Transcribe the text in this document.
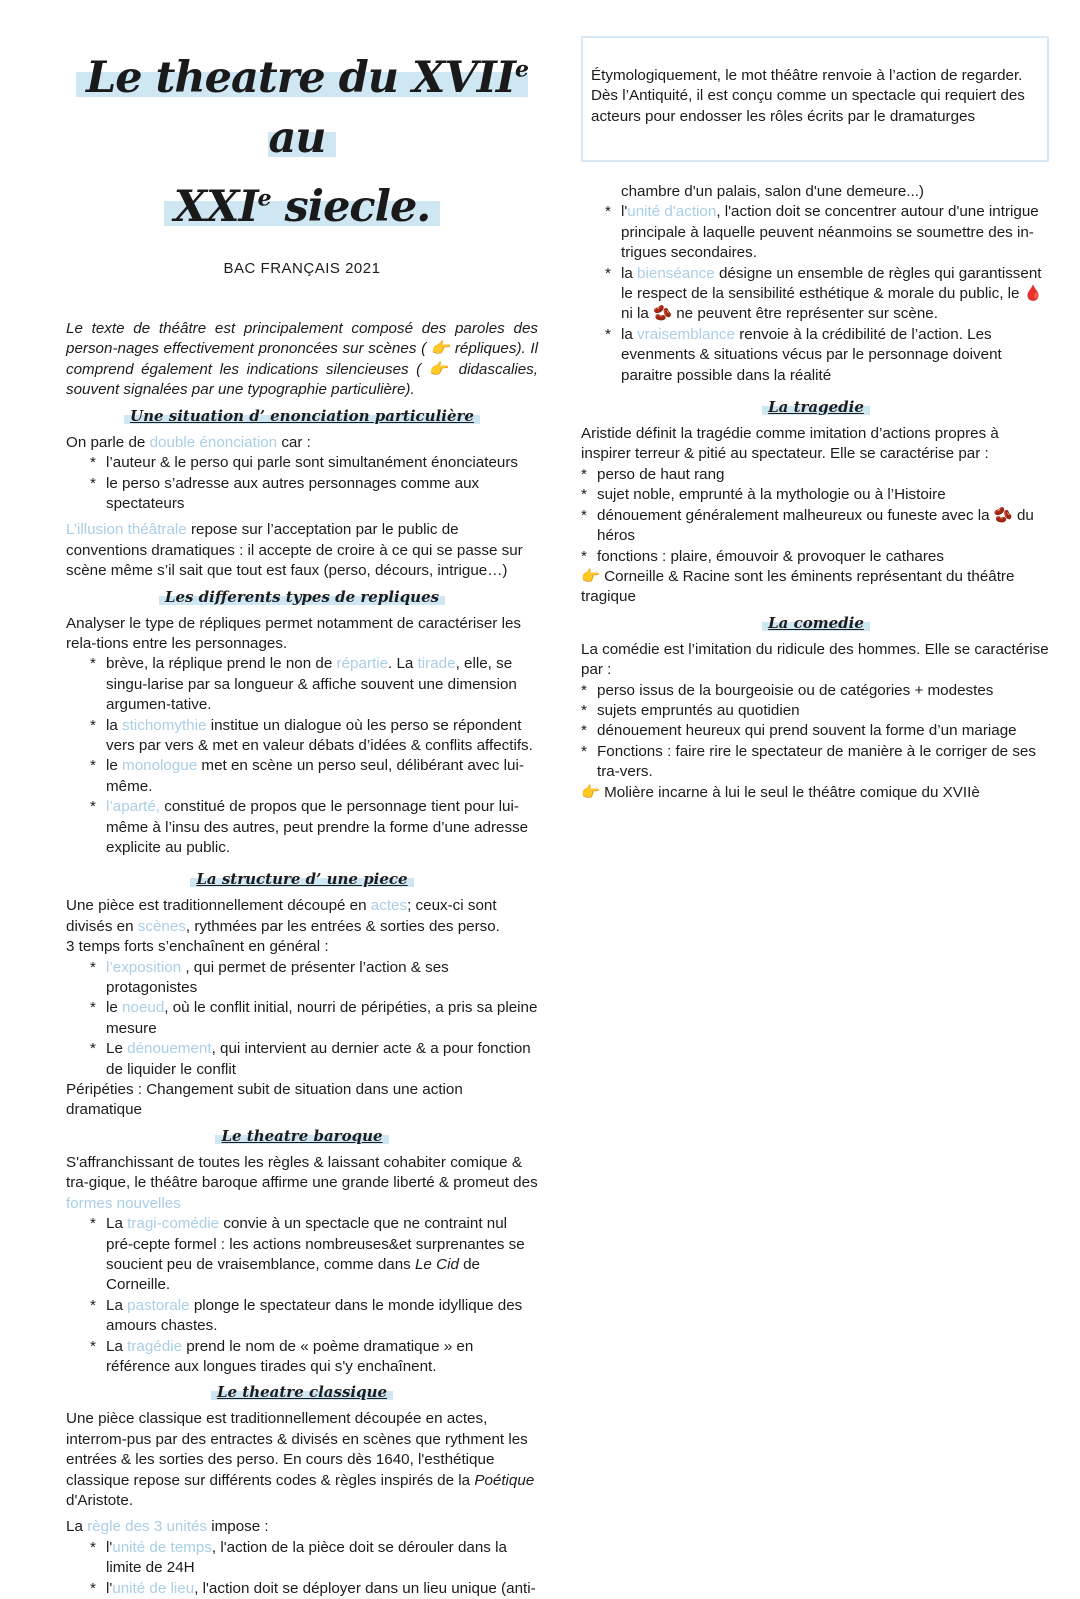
Le theatre du XVIIe au
XXIe siecle.
BAC FRANÇAIS 2021

Le texte de théâtre est principalement composé des paroles des person-nages effectivement prononcées sur scènes ( 👉 répliques). Il comprend également les indications silencieuses ( 👉 didascalies, souvent signalées par une typographie particulière).

Une situation d’ enonciation particulière

On parle de double énonciation car :

* l’auteur & le perso qui parle sont simultanément énonciateurs
* le perso s’adresse aux autres personnages comme aux spectateurs

L’illusion théâtrale repose sur l’acceptation par le public de conventions dramatiques : il accepte de croire à ce qui se passe sur scène même s’il sait que tout est faux (perso, décours, intrigue…)

Les differents types de repliques

Analyser le type de répliques permet notamment de caractériser les rela-tions entre les personnages.

* brève, la réplique prend le non de répartie. La tirade, elle, se singu-larise par sa longueur & affiche souvent une dimension argumen-tative.
* la stichomythie institue un dialogue où les perso se répondent vers par vers & met en valeur débats d’idées & conflits affectifs.
* le monologue met en scène un perso seul, délibérant avec lui-même.
* l’aparté, constitué de propos que le personnage tient pour lui-même à l’insu des autres, peut prendre la forme d’une adresse explicite au public.
La structure d’ une piece

Une pièce est traditionnellement découpé en actes; ceux-ci sont divisés en scènes, rythmées par les entrées & sorties des perso.

3 temps forts s’enchaînent en général :

* l’exposition , qui permet de présenter l’action & ses protagonistes
* le noeud, où le conflit initial, nourri de péripéties, a pris sa pleine mesure
* Le dénouement, qui intervient au dernier acte & a pour fonction de liquider le conflit

Péripéties : Changement subit de situation dans une action dramatique

Le theatre baroque

S'affranchissant de toutes les règles & laissant cohabiter comique & tra-gique, le théâtre baroque affirme une grande liberté & promeut des formes nouvelles

* La tragi-comédie convie à un spectacle que ne contraint nul pré-cepte formel : les actions nombreuses&et surprenantes se soucient peu de vraisemblance, comme dans Le Cid de Corneille.
* La pastorale plonge le spectateur dans le monde idyllique des amours chastes.
* La tragédie prend le nom de « poème dramatique » en référence aux longues tirades qui s'y enchaînent.
Le theatre classique

Une pièce classique est traditionnellement découpée en actes, interrom-pus par des entractes & divisés en scènes que rythment les entrées & les sorties des perso. En cours dès 1640, l'esthétique classique repose sur différents codes & règles inspirés de la Poétique d'Aristote.

La règle des 3 unités impose :

* l'unité de temps, l'action de la pièce doit se dérouler dans la limite de 24H
* l'unité de lieu, l'action doit se déployer dans un lieu unique (anti-
Étymologiquement, le mot théâtre renvoie à l’action de regarder. Dès l’Antiquité, il est conçu comme un spectacle qui requiert des acteurs pour endosser les rôles écrits par le dramaturges

chambre d'un palais, salon d'une demeure...)

* l'unité d'action, l'action doit se concentrer autour d'une intrigue principale à laquelle peuvent néanmoins se soumettre des in-trigues secondaires.
* la bienséance désigne un ensemble de règles qui garantissent le respect de la sensibilité esthétique & morale du public, le 🩸 ni la 🫘 ne peuvent être représenter sur scène.
* la vraisemblance renvoie à la crédibilité de l’action. Les evenments & situations vécus par le personnage doivent paraitre possible dans la réalité
La tragedie

Aristide définit la tragédie comme imitation d’actions propres à inspirer terreur & pitié au spectateur. Elle se caractérise par :

* perso de haut rang
* sujet noble, emprunté à la mythologie ou à l’Histoire
* dénouement généralement malheureux ou funeste avec la 🫘 du héros
* fonctions : plaire, émouvoir & provoquer le cathares

👉 Corneille & Racine sont les éminents représentant du théâtre tragique

La comedie

La comédie est l’imitation du ridicule des hommes. Elle se caractérise par :

* perso issus de la bourgeoisie ou de catégories + modestes
* sujets empruntés au quotidien
* dénouement heureux qui prend souvent la forme d’un mariage
* Fonctions : faire rire le spectateur de manière à le corriger de ses tra-vers.

👉 Molière incarne à lui le seul le théâtre comique du XVIIè
